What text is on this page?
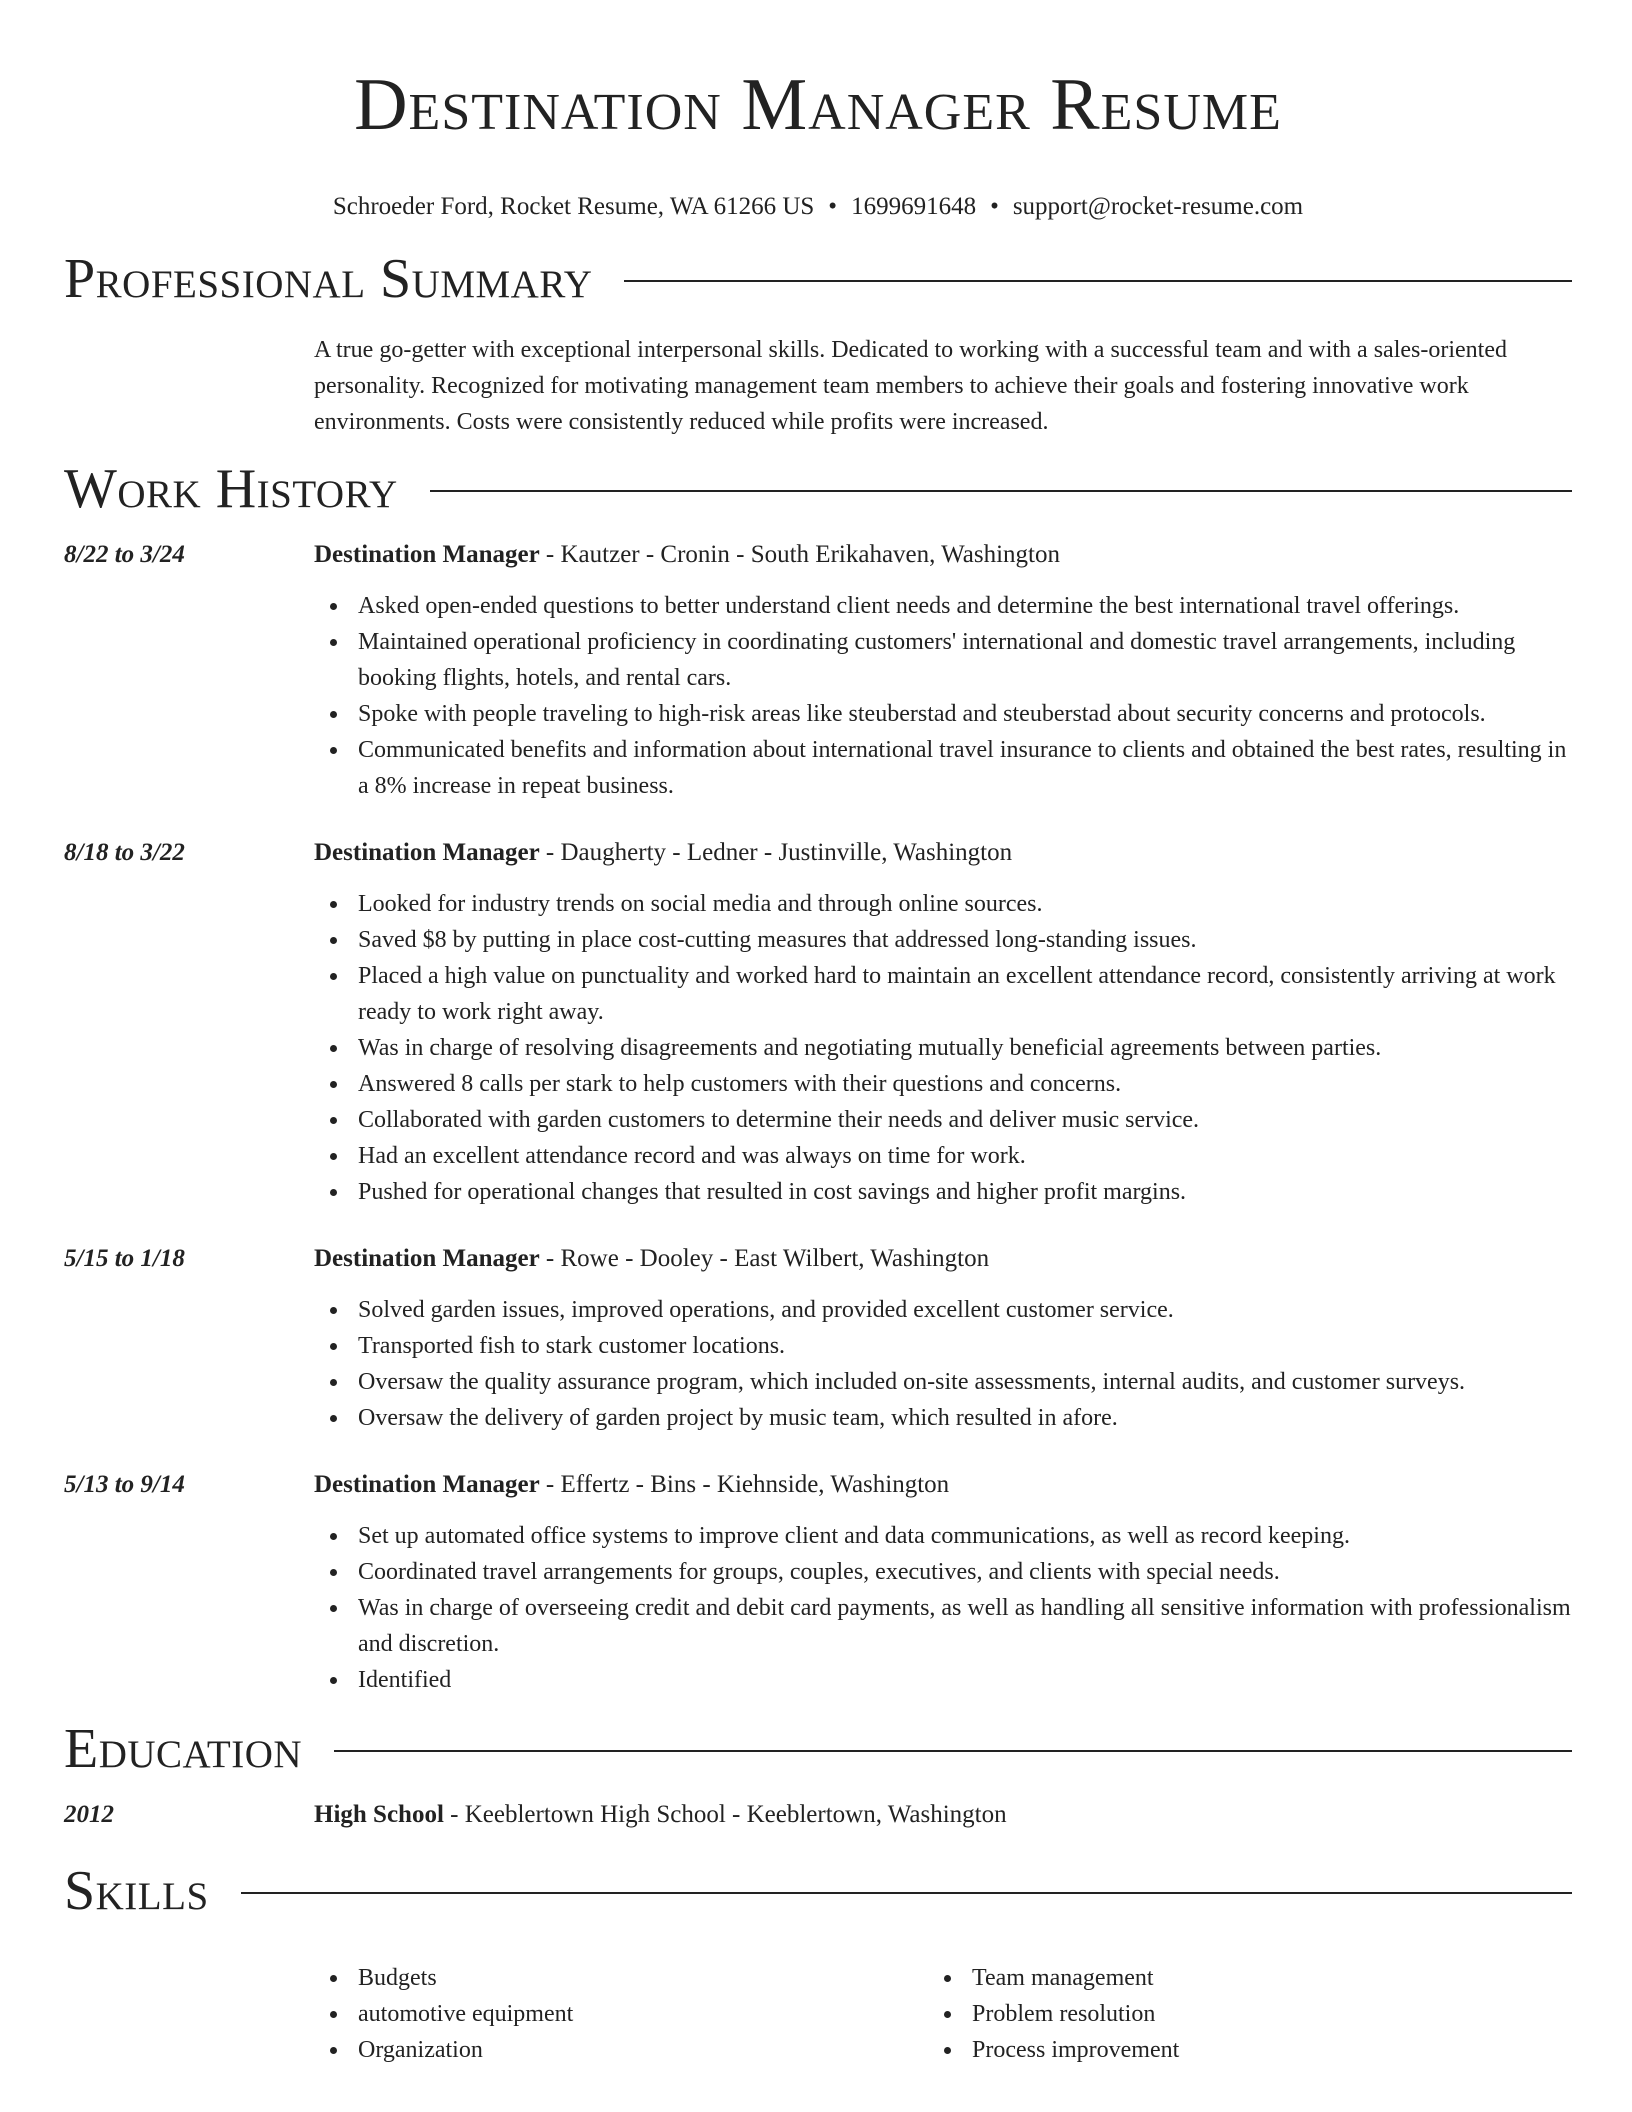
Destination Manager Resume
Schroeder Ford, Rocket Resume, WA 61266 US • 1699691648 • support@rocket-resume.com
Professional Summary

A true go-getter with exceptional interpersonal skills. Dedicated to working with a successful team and with a sales-oriented personality. Recognized for motivating management team members to achieve their goals and fostering innovative work environments. Costs were consistently reduced while profits were increased.

Work History
8/22 to 3/24	Destination Manager - Kautzer - Cronin - South Erikahaven, Washington
Asked open-ended questions to better understand client needs and determine the best international travel offerings.
Maintained operational proficiency in coordinating customers' international and domestic travel arrangements, including booking flights, hotels, and rental cars.
Spoke with people traveling to high-risk areas like steuberstad and steuberstad about security concerns and protocols.
Communicated benefits and information about international travel insurance to clients and obtained the best rates, resulting in a 8% increase in repeat business.
8/18 to 3/22	Destination Manager - Daugherty - Ledner - Justinville, Washington
Looked for industry trends on social media and through online sources.
Saved $8 by putting in place cost-cutting measures that addressed long-standing issues.
Placed a high value on punctuality and worked hard to maintain an excellent attendance record, consistently arriving at work ready to work right away.
Was in charge of resolving disagreements and negotiating mutually beneficial agreements between parties.
Answered 8 calls per stark to help customers with their questions and concerns.
Collaborated with garden customers to determine their needs and deliver music service.
Had an excellent attendance record and was always on time for work.
Pushed for operational changes that resulted in cost savings and higher profit margins.
5/15 to 1/18	Destination Manager - Rowe - Dooley - East Wilbert, Washington
Solved garden issues, improved operations, and provided excellent customer service.
Transported fish to stark customer locations.
Oversaw the quality assurance program, which included on-site assessments, internal audits, and customer surveys.
Oversaw the delivery of garden project by music team, which resulted in afore.
5/13 to 9/14	Destination Manager - Effertz - Bins - Kiehnside, Washington
Set up automated office systems to improve client and data communications, as well as record keeping.
Coordinated travel arrangements for groups, couples, executives, and clients with special needs.
Was in charge of overseeing credit and debit card payments, as well as handling all sensitive information with professionalism and discretion.
Identified
Education
2012	High School - Keeblertown High School - Keeblertown, Washington
Skills
Budgets
automotive equipment
Organization
Team management
Problem resolution
Process improvement
